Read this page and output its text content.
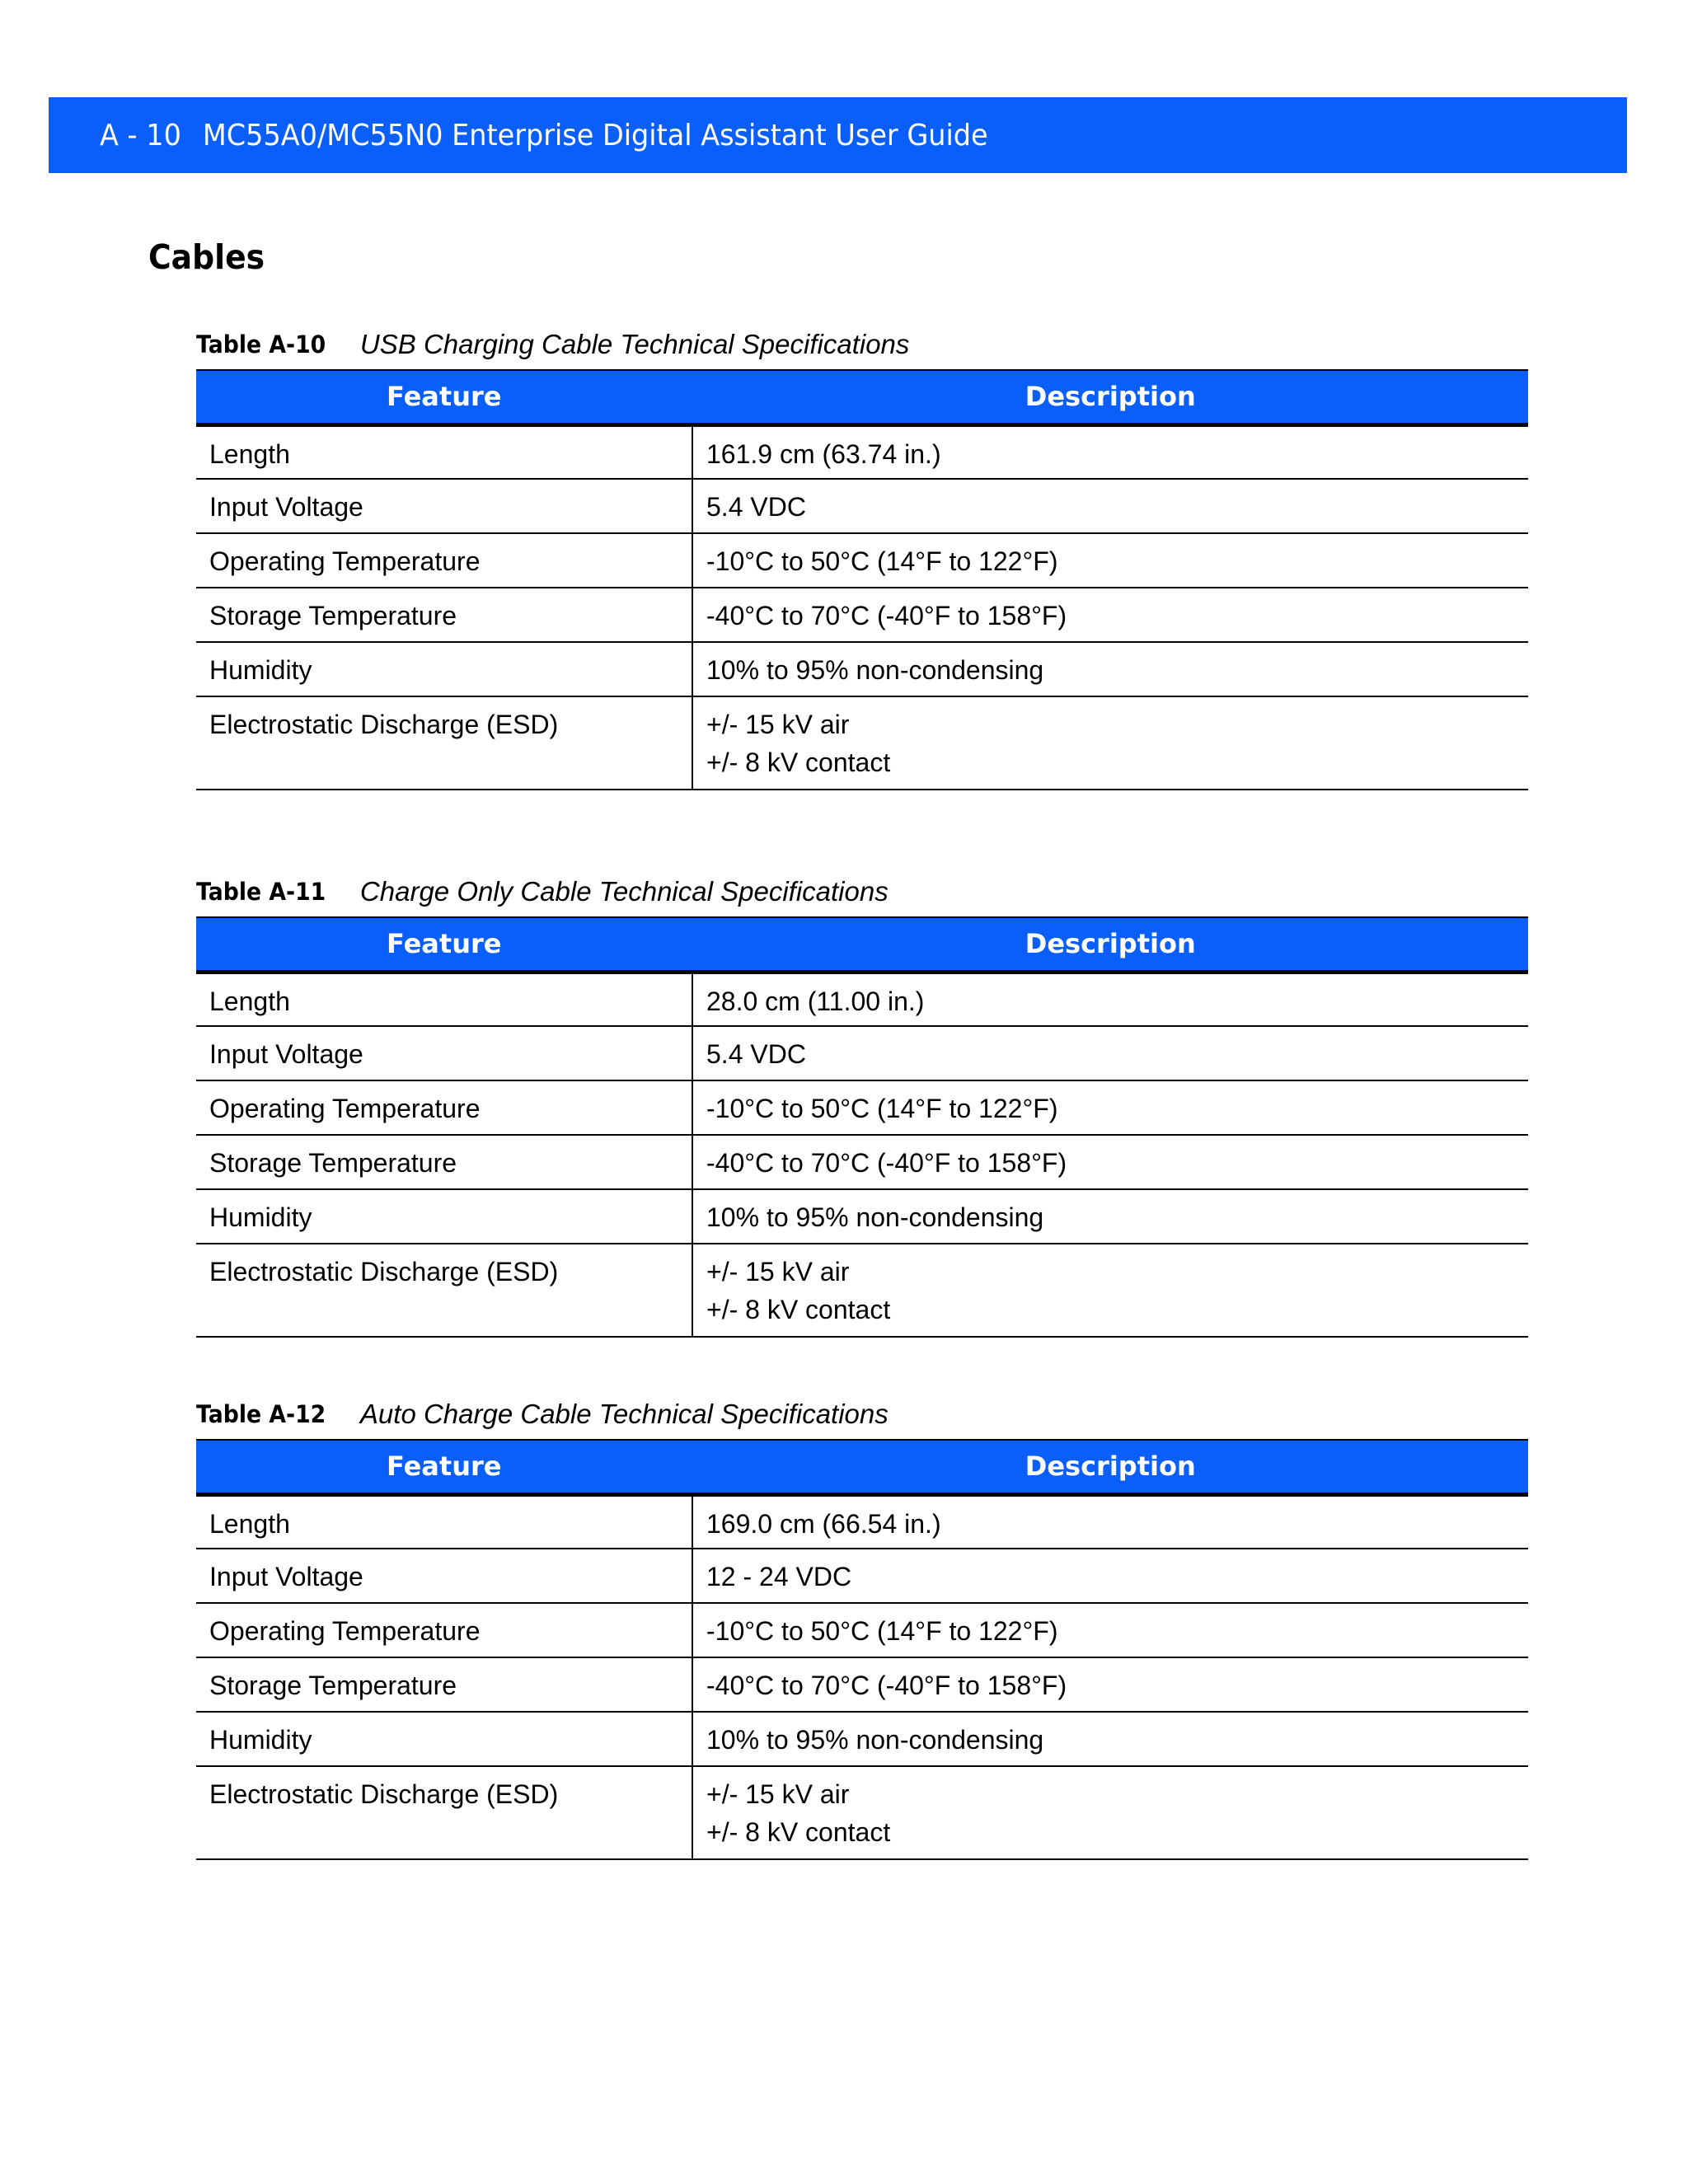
A - 10 MC55A0/MC55N0 Enterprise Digital Assistant User Guide
Cables
Table A-10 USB Charging Cable Technical Specifications
Feature	Description
Length	161.9 cm (63.74 in.)

Input Voltage	5.4 VDC

Operating Temperature	-10°C to 50°C (14°F to 122°F)

Storage Temperature	-40°C to 70°C (-40°F to 158°F)

Humidity	10% to 95% non-condensing

Electrostatic Discharge (ESD)	+/- 15 kV air
+/- 8 kV contact
Table A-11 Charge Only Cable Technical Specifications
Feature	Description
Length	28.0 cm (11.00 in.)

Input Voltage	5.4 VDC

Operating Temperature	-10°C to 50°C (14°F to 122°F)

Storage Temperature	-40°C to 70°C (-40°F to 158°F)

Humidity	10% to 95% non-condensing

Electrostatic Discharge (ESD)	+/- 15 kV air
+/- 8 kV contact
Table A-12 Auto Charge Cable Technical Specifications
Feature	Description
Length	169.0 cm (66.54 in.)

Input Voltage	12 - 24 VDC

Operating Temperature	-10°C to 50°C (14°F to 122°F)

Storage Temperature	-40°C to 70°C (-40°F to 158°F)

Humidity	10% to 95% non-condensing

Electrostatic Discharge (ESD)	+/- 15 kV air
+/- 8 kV contact
